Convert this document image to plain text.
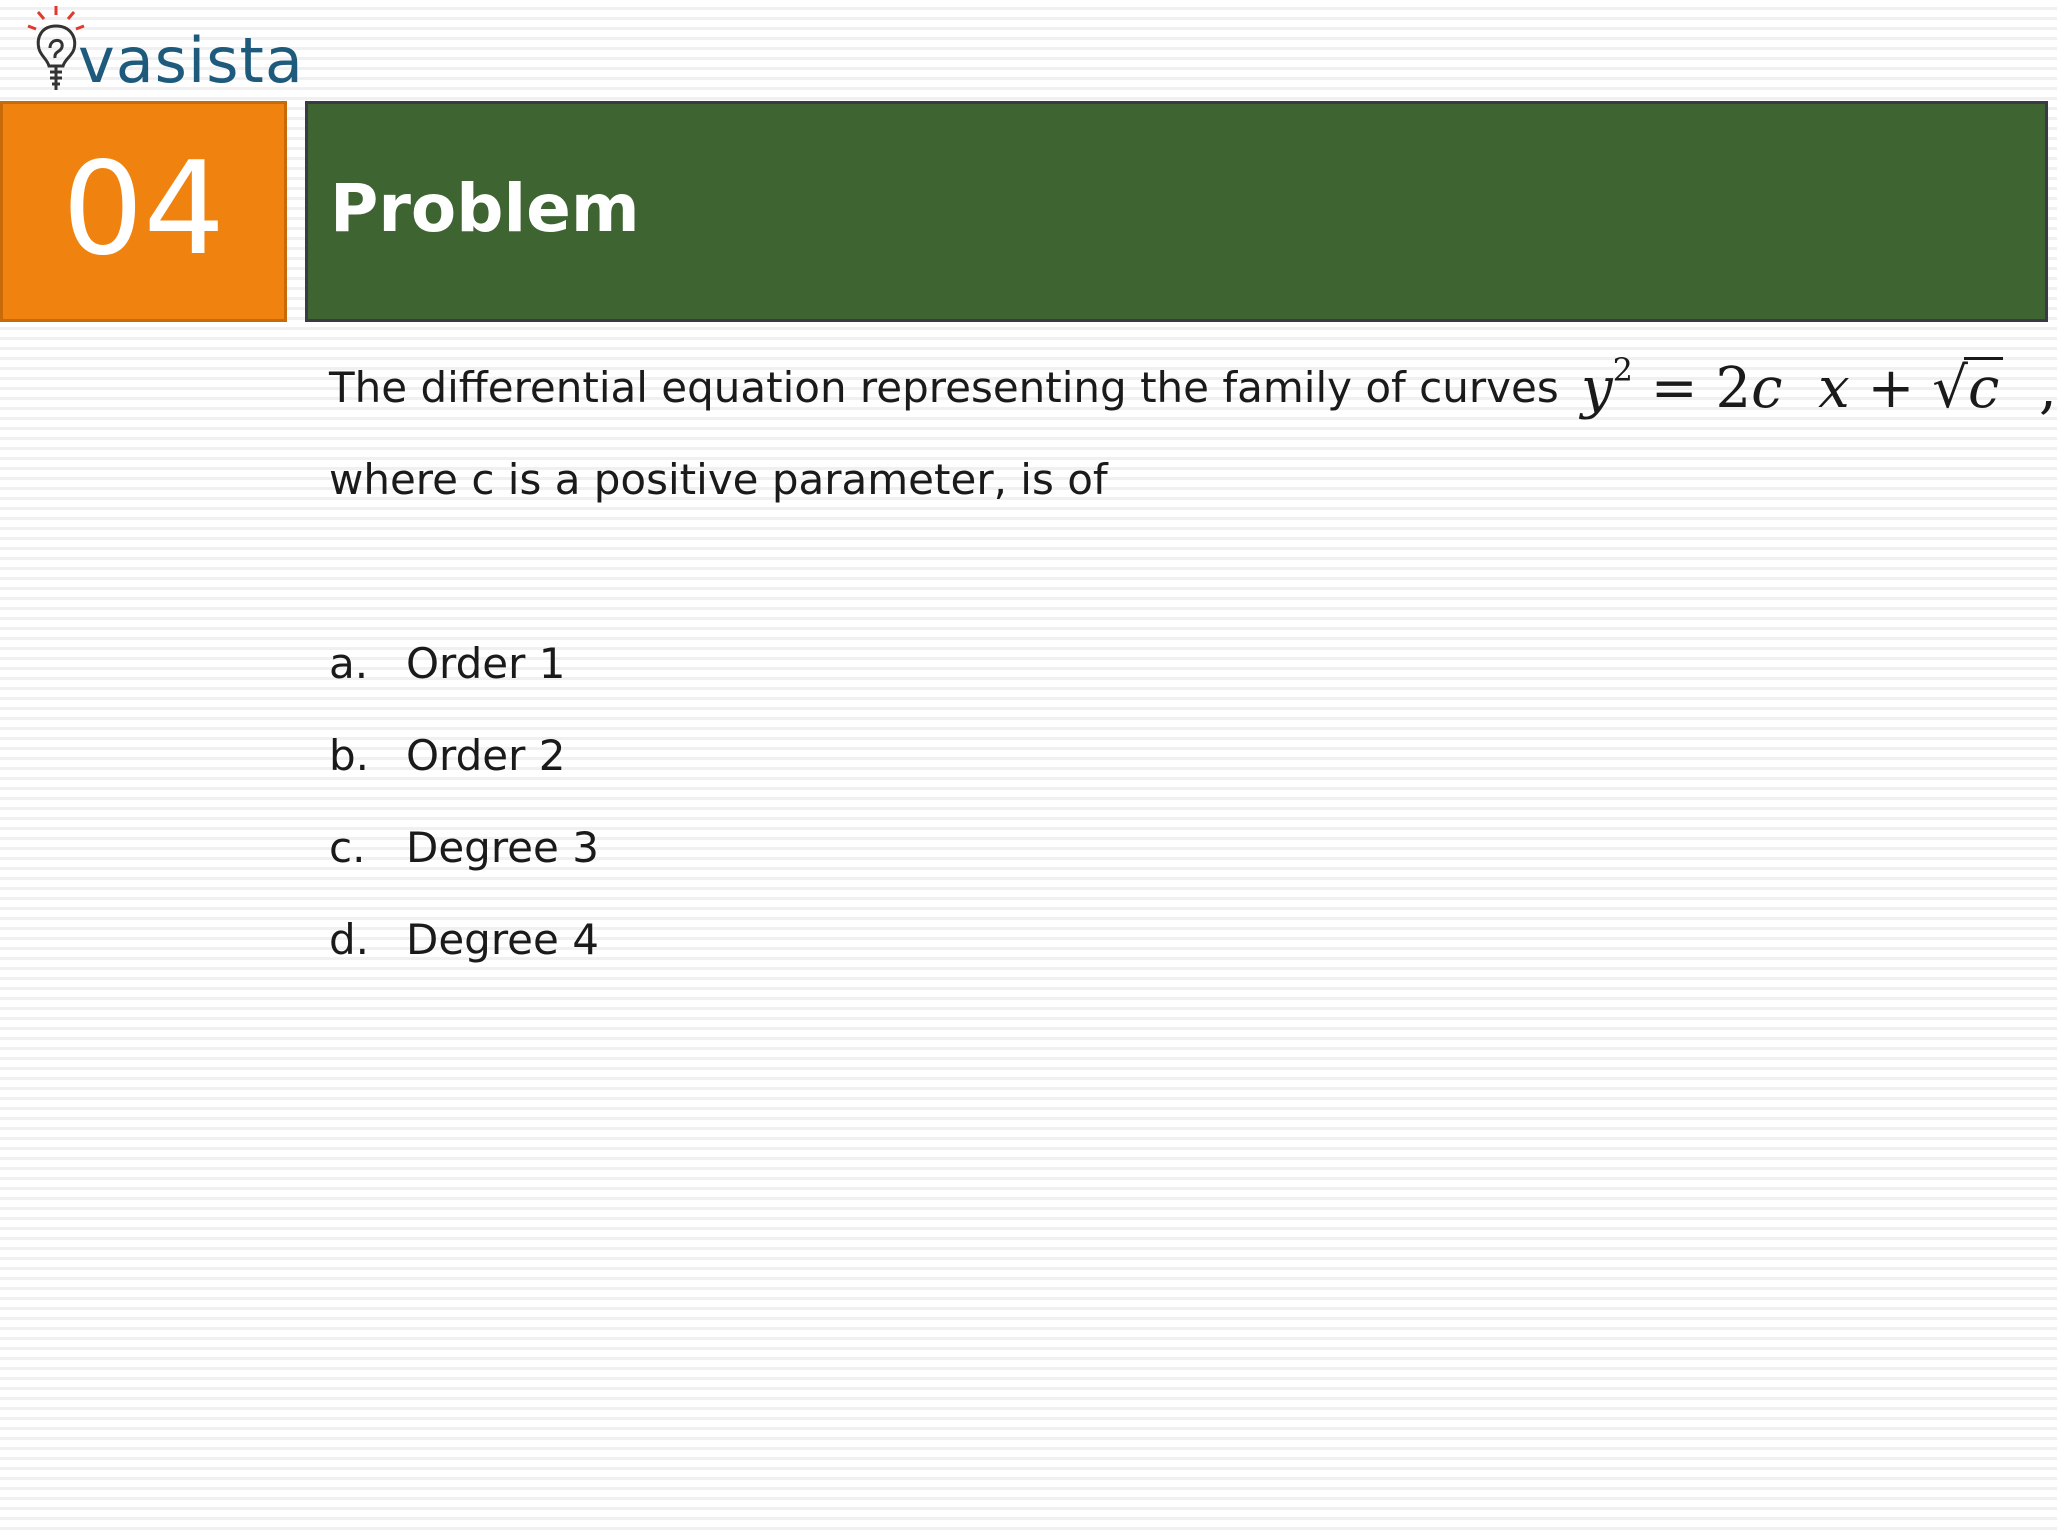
vasista
04 Problem
The differential equation representing the family of curves $y^2 = 2c$ x + √c ,
where c is a positive parameter, is of
a. Order 1
b. Order 2
c. Degree 3
d. Degree 4
